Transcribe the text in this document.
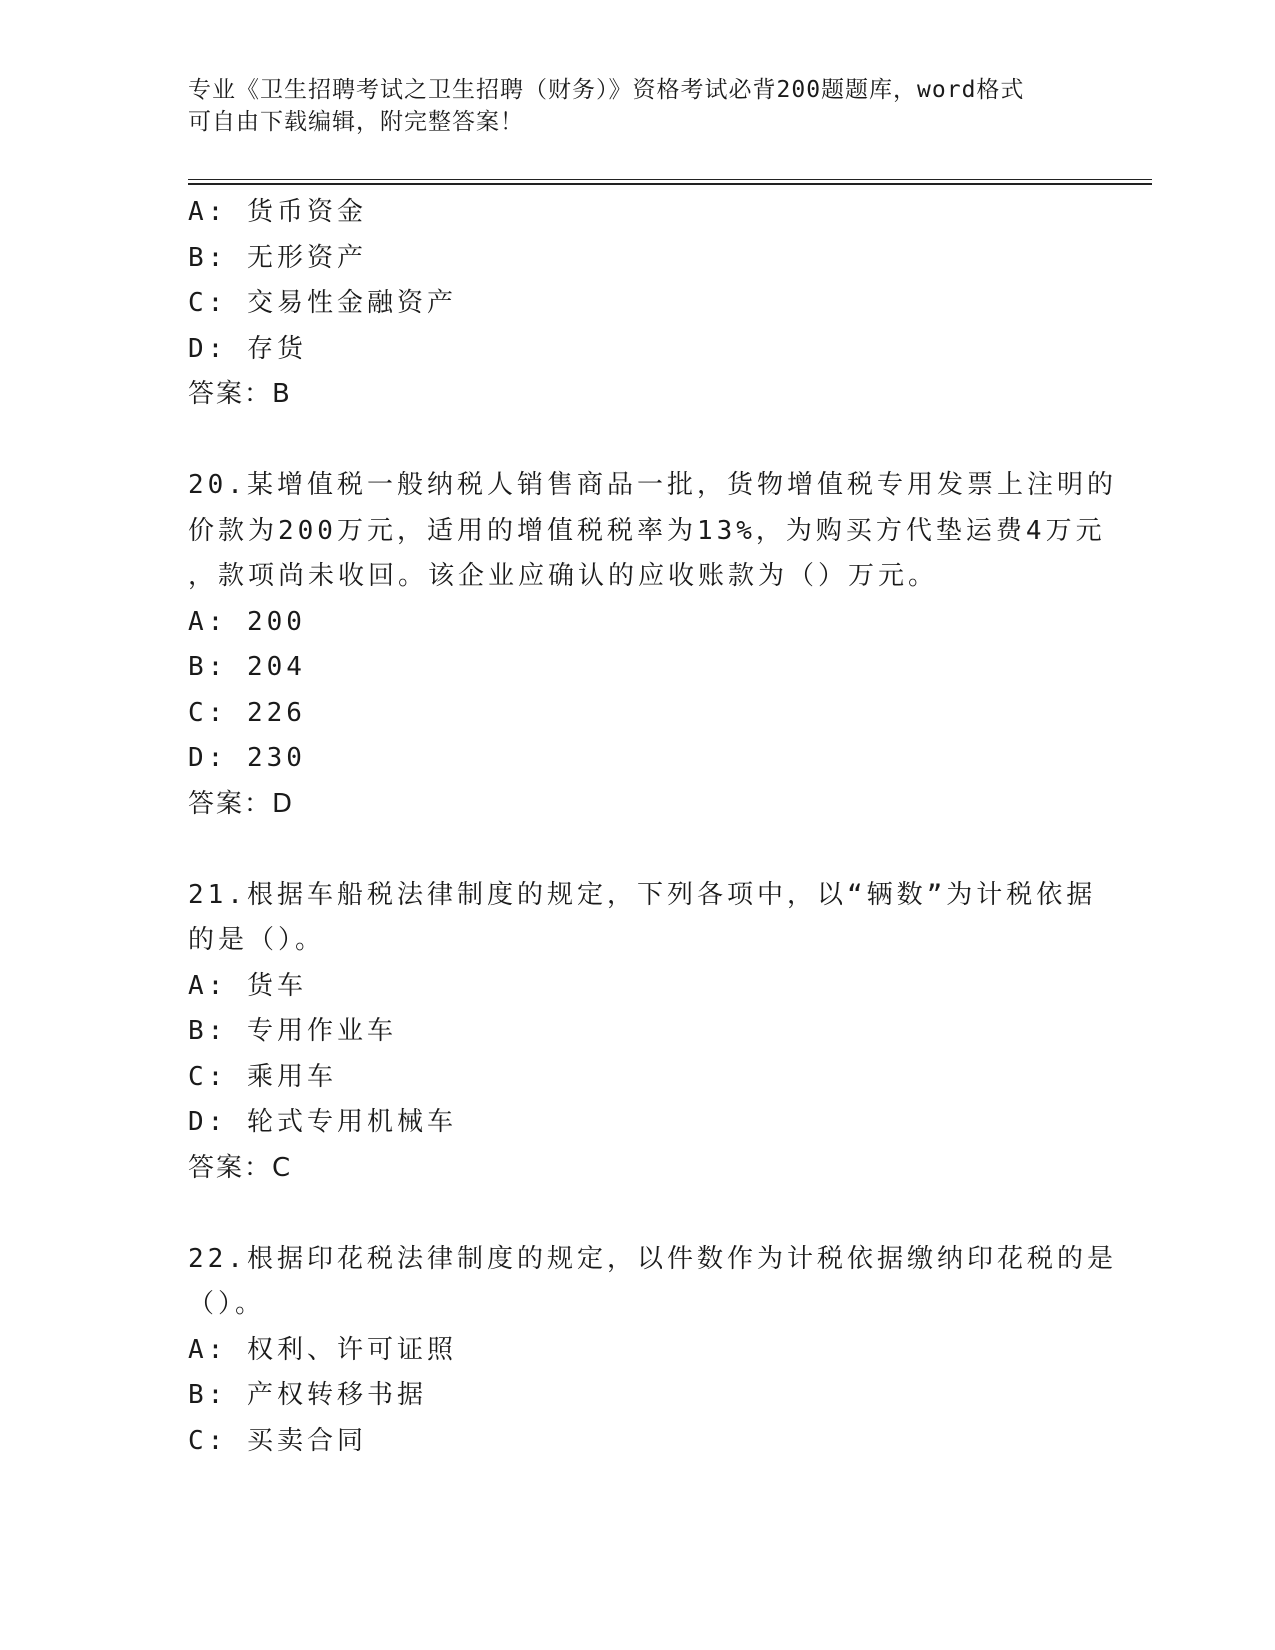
专业《卫生招聘考试之卫生招聘（财务）》资格考试必背200题题库，word格式
可自由下载编辑，附完整答案！
A: 货币资金
B: 无形资产
C: 交易性金融资产
D: 存货
答案：B
20.某增值税一般纳税人销售商品一批，货物增值税专用发票上注明的
价款为200万元，适用的增值税税率为13%，为购买方代垫运费4万元
，款项尚未收回。该企业应确认的应收账款为（）万元。
A: 200
B: 204
C: 226
D: 230
答案：D
21.根据车船税法律制度的规定，下列各项中，以“辆数”为计税依据
的是（）。
A: 货车
B: 专用作业车
C: 乘用车
D: 轮式专用机械车
答案：C
22.根据印花税法律制度的规定，以件数作为计税依据缴纳印花税的是
（）。
A: 权利、许可证照
B: 产权转移书据
C: 买卖合同
